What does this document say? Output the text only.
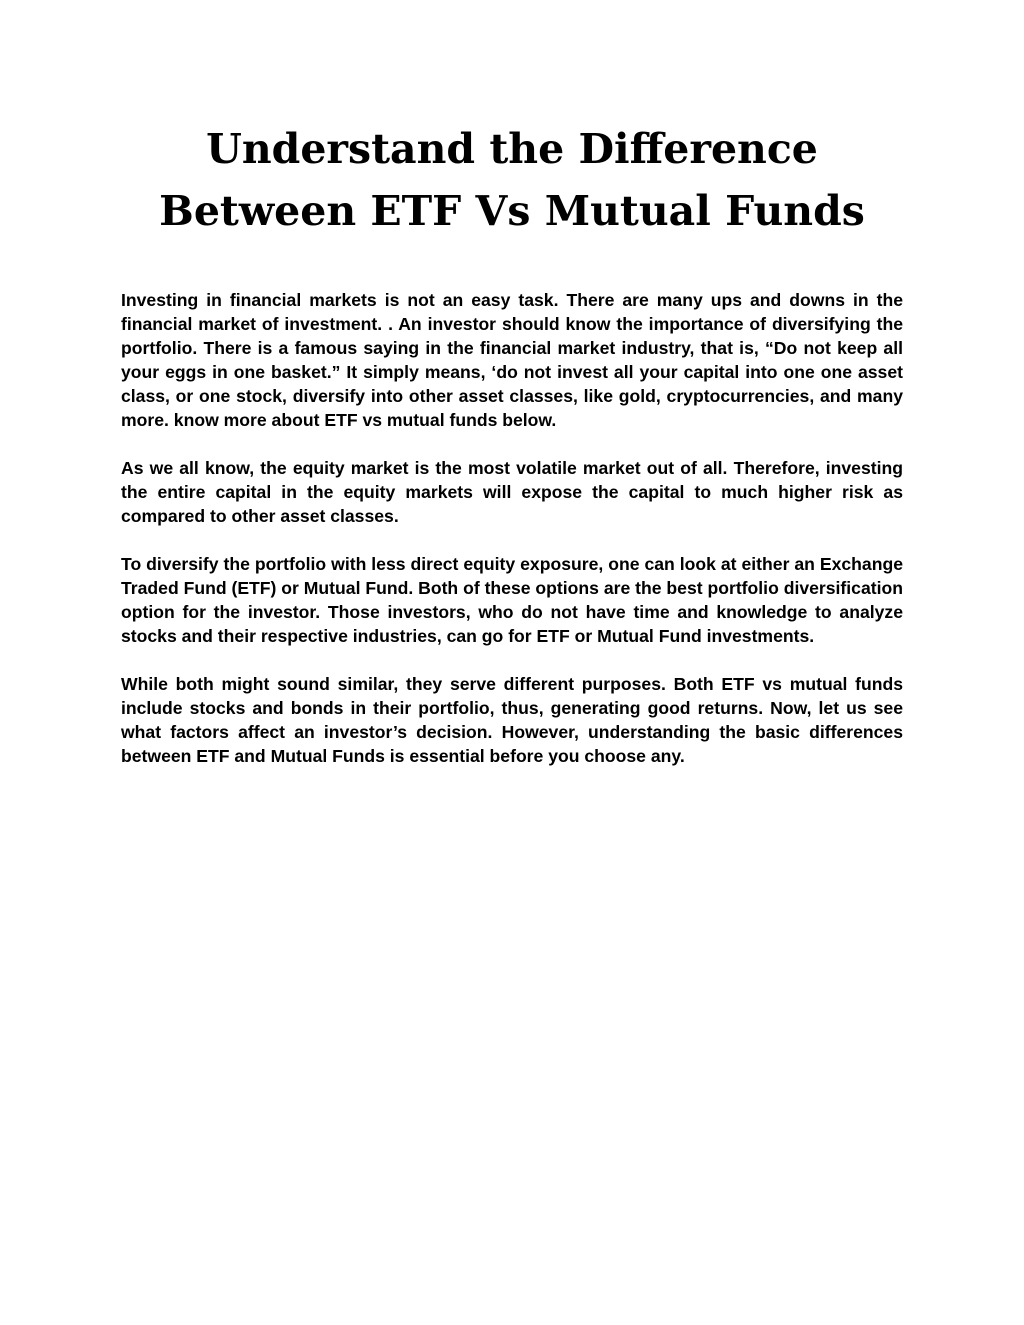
Understand the Difference
Between ETF Vs Mutual Funds

Investing in financial markets is not an easy task. There are many ups and downs in the financial market of investment. . An investor should know the importance of diversifying the portfolio. There is a famous saying in the financial market industry, that is, “Do not keep all your eggs in one basket.” It simply means, ‘do not invest all your capital into one one asset class, or one stock, diversify into other asset classes, like gold, cryptocurrencies, and many more. know more about ETF vs mutual funds below.

As we all know, the equity market is the most volatile market out of all. Therefore, investing the entire capital in the equity markets will expose the capital to much higher risk as compared to other asset classes.

To diversify the portfolio with less direct equity exposure, one can look at either an Exchange Traded Fund (ETF) or Mutual Fund. Both of these options are the best portfolio diversification option for the investor. Those investors, who do not have time and knowledge to analyze stocks and their respective industries, can go for ETF or Mutual Fund investments.

While both might sound similar, they serve different purposes. Both ETF vs mutual funds include stocks and bonds in their portfolio, thus, generating good returns. Now, let us see what factors affect an investor’s decision. However, understanding the basic differences between ETF and Mutual Funds is essential before you choose any.
